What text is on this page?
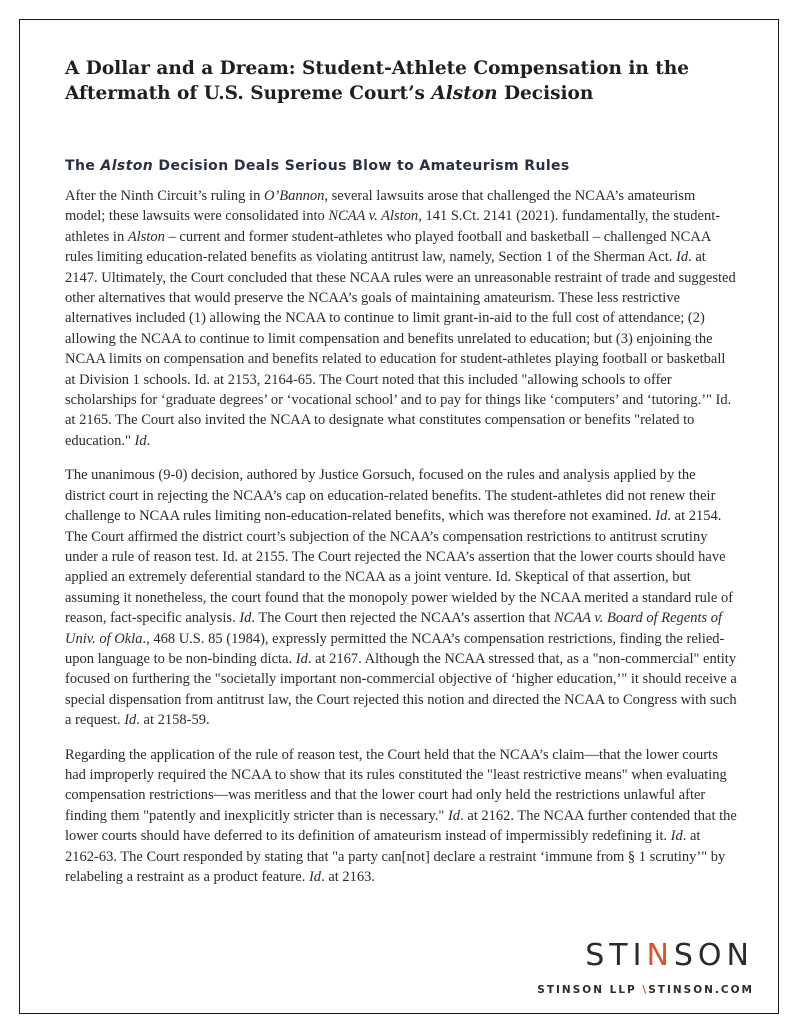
A Dollar and a Dream: Student-Athlete Compensation in the Aftermath of U.S. Supreme Court’s Alston Decision
The Alston Decision Deals Serious Blow to Amateurism Rules

After the Ninth Circuit’s ruling in O’Bannon, several lawsuits arose that challenged the NCAA’s amateurism model; these lawsuits were consolidated into NCAA v. Alston, 141 S.Ct. 2141 (2021). fundamentally, the student-athletes in Alston – current and former student-athletes who played football and basketball – challenged NCAA rules limiting education-related benefits as violating antitrust law, namely, Section 1 of the Sherman Act. Id. at 2147. Ultimately, the Court concluded that these NCAA rules were an unreasonable restraint of trade and suggested other alternatives that would preserve the NCAA’s goals of maintaining amateurism. These less restrictive alternatives included (1) allowing the NCAA to continue to limit grant-in-aid to the full cost of attendance; (2) allowing the NCAA to continue to limit compensation and benefits unrelated to education; but (3) enjoining the NCAA limits on compensation and benefits related to education for student-athletes playing football or basketball at Division 1 schools. Id. at 2153, 2164-65. The Court noted that this included "allowing schools to offer scholarships for ‘graduate degrees’ or ‘vocational school’ and to pay for things like ‘computers’ and ‘tutoring.’" Id. at 2165. The Court also invited the NCAA to designate what constitutes compensation or benefits "related to education." Id.

The unanimous (9-0) decision, authored by Justice Gorsuch, focused on the rules and analysis applied by the district court in rejecting the NCAA’s cap on education-related benefits. The student-athletes did not renew their challenge to NCAA rules limiting non-education-related benefits, which was therefore not examined. Id. at 2154. The Court affirmed the district court’s subjection of the NCAA’s compensation restrictions to antitrust scrutiny under a rule of reason test. Id. at 2155. The Court rejected the NCAA’s assertion that the lower courts should have applied an extremely deferential standard to the NCAA as a joint venture. Id. Skeptical of that assertion, but assuming it nonetheless, the court found that the monopoly power wielded by the NCAA merited a standard rule of reason, fact-specific analysis. Id. The Court then rejected the NCAA’s assertion that NCAA v. Board of Regents of Univ. of Okla., 468 U.S. 85 (1984), expressly permitted the NCAA’s compensation restrictions, finding the relied-upon language to be non-binding dicta. Id. at 2167. Although the NCAA stressed that, as a "non-commercial" entity focused on furthering the "societally important non-commercial objective of ‘higher education,’" it should receive a special dispensation from antitrust law, the Court rejected this notion and directed the NCAA to Congress with such a request. Id. at 2158-59.

Regarding the application of the rule of reason test, the Court held that the NCAA’s claim—that the lower courts had improperly required the NCAA to show that its rules constituted the "least restrictive means" when evaluating compensation restrictions—was meritless and that the lower court had only held the restrictions unlawful after finding them "patently and inexplicitly stricter than is necessary." Id. at 2162. The NCAA further contended that the lower courts should have deferred to its definition of amateurism instead of impermissibly redefining it. Id. at 2162-63. The Court responded by stating that "a party can[not] declare a restraint ‘immune from § 1 scrutiny’" by relabeling a restraint as a product feature. Id. at 2163.

STINSON
STINSON LLP \STINSON.COM
